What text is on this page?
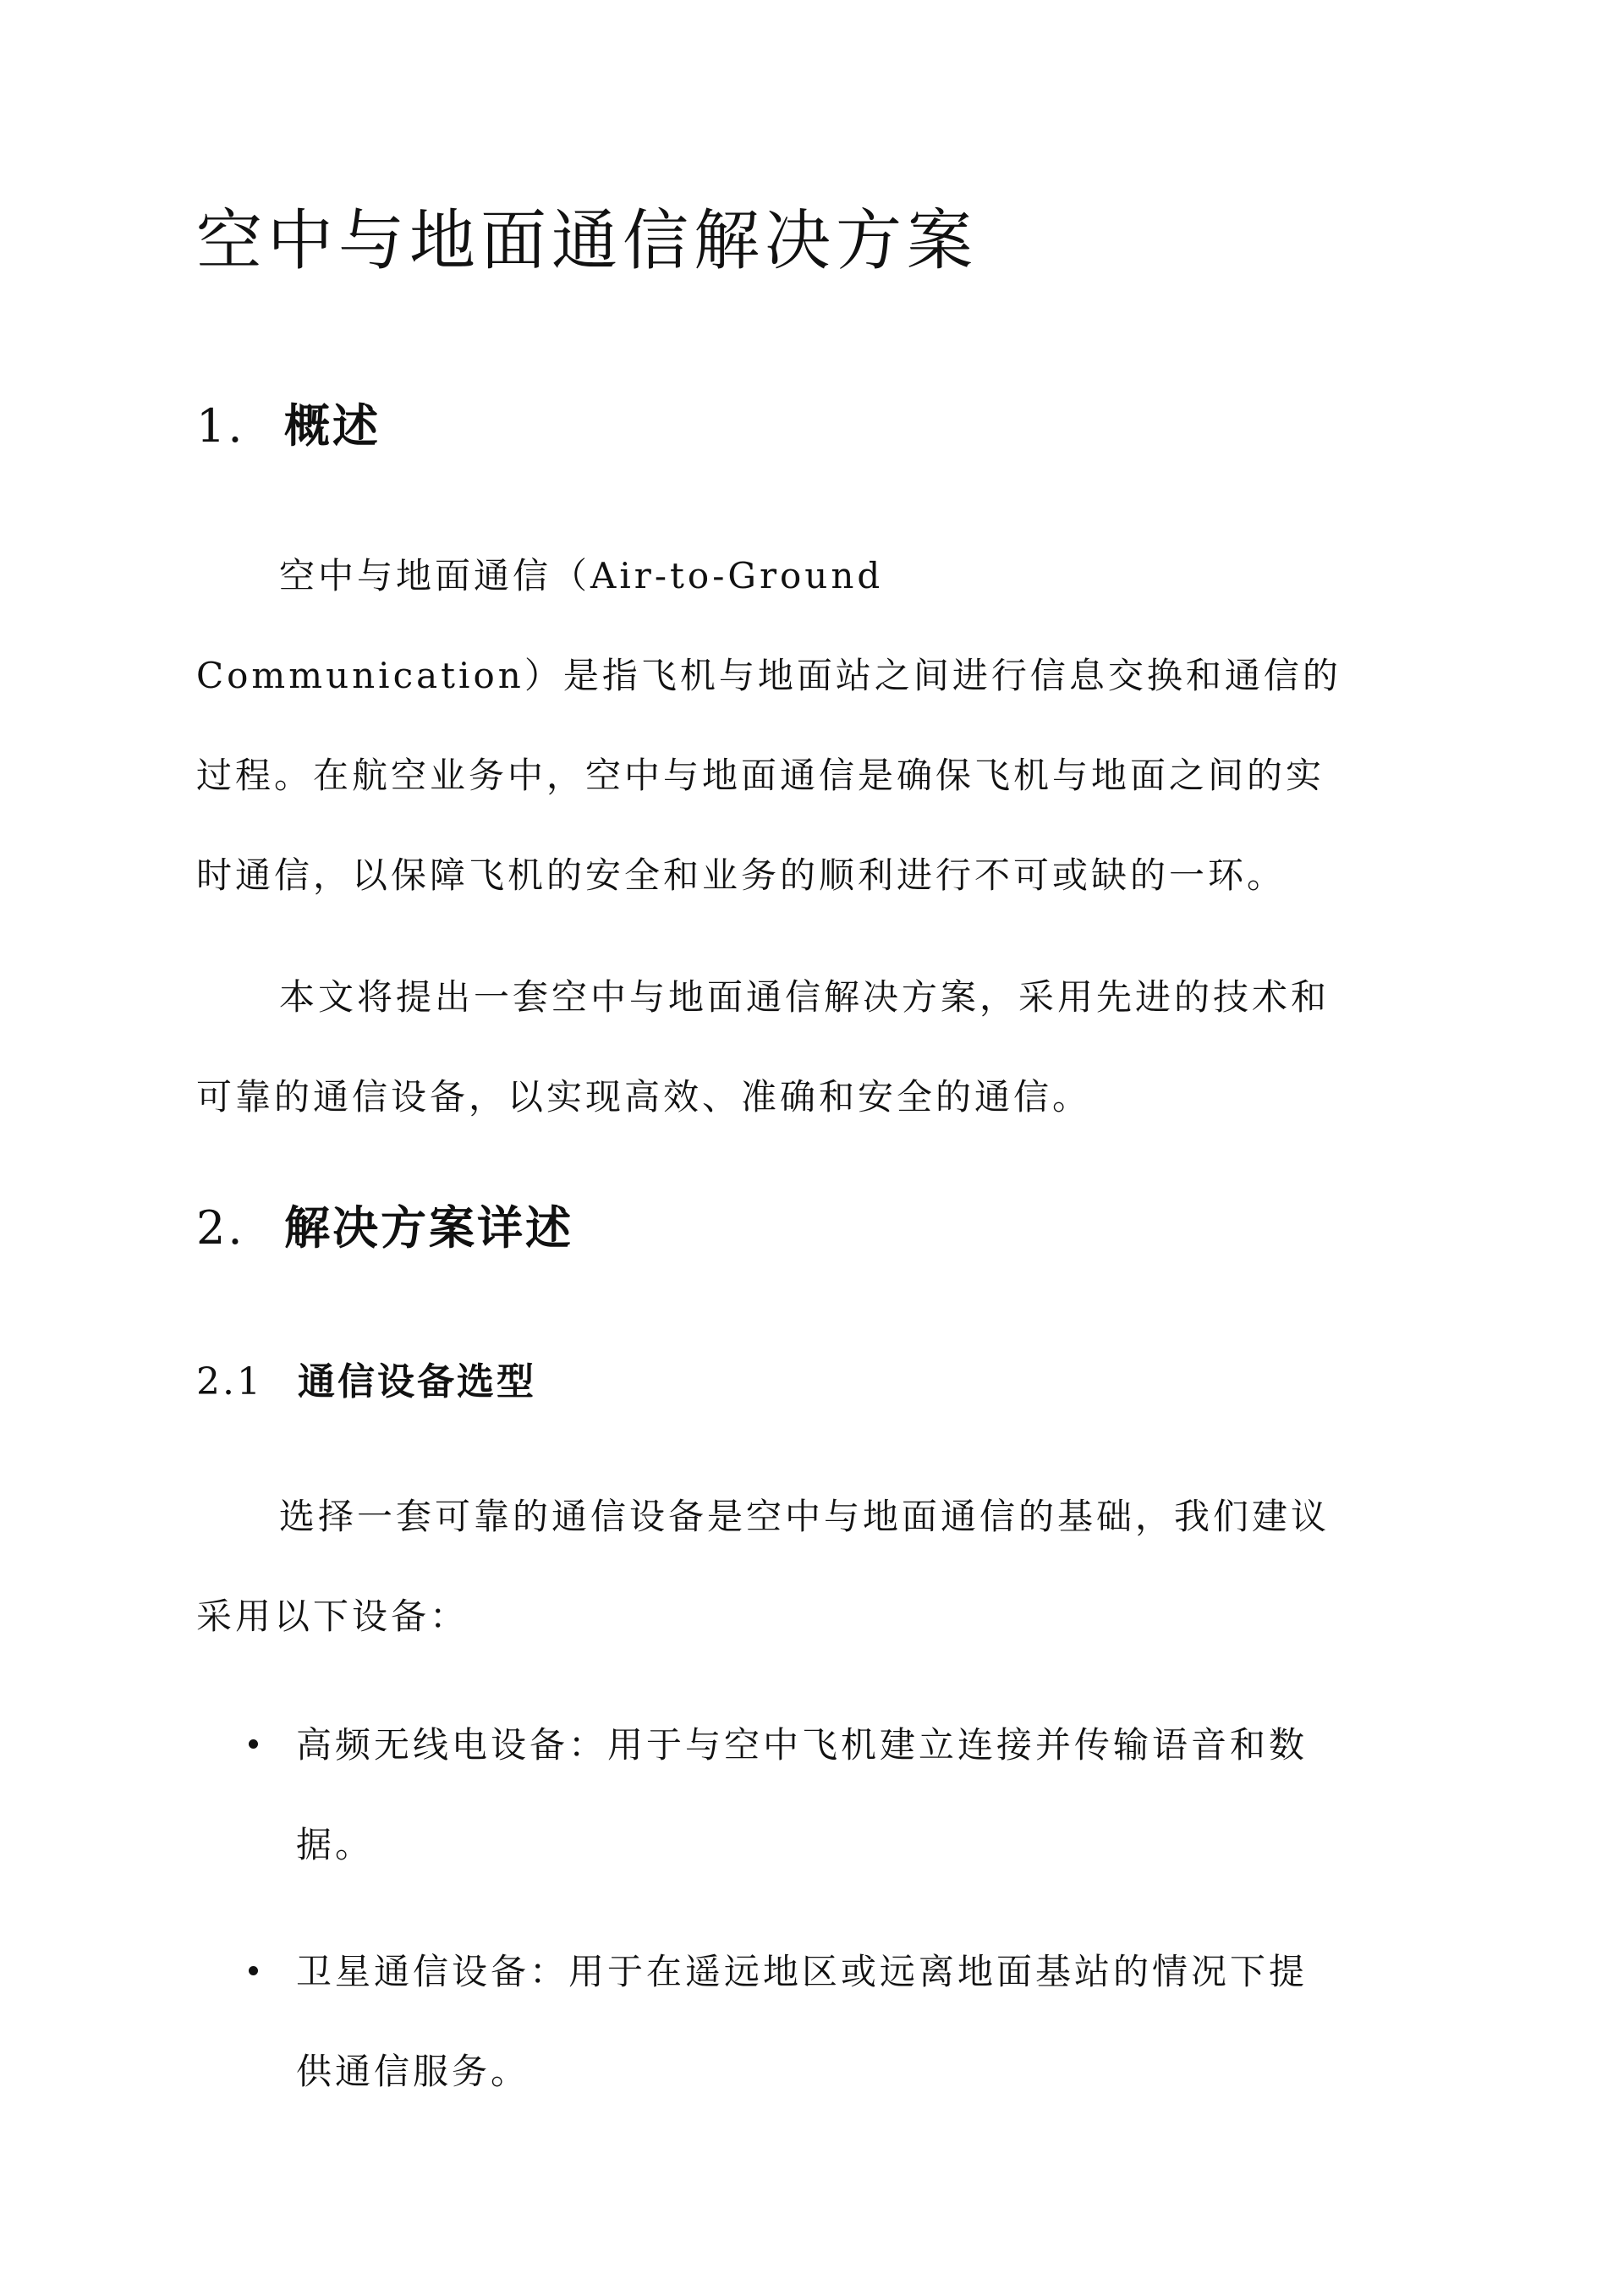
空中与地面通信解决方案
1. 概述
空中与地面通信（Air-to-Ground
Communication）是指飞机与地面站之间进行信息交换和通信的
过程。在航空业务中，空中与地面通信是确保飞机与地面之间的实
时通信，以保障飞机的安全和业务的顺利进行不可或缺的一环。
本文将提出一套空中与地面通信解决方案，采用先进的技术和
可靠的通信设备，以实现高效、准确和安全的通信。
2. 解决方案详述
2.1 通信设备选型
选择一套可靠的通信设备是空中与地面通信的基础，我们建议
采用以下设备：
高频无线电设备：用于与空中飞机建立连接并传输语音和数
据。
卫星通信设备：用于在遥远地区或远离地面基站的情况下提
供通信服务。
